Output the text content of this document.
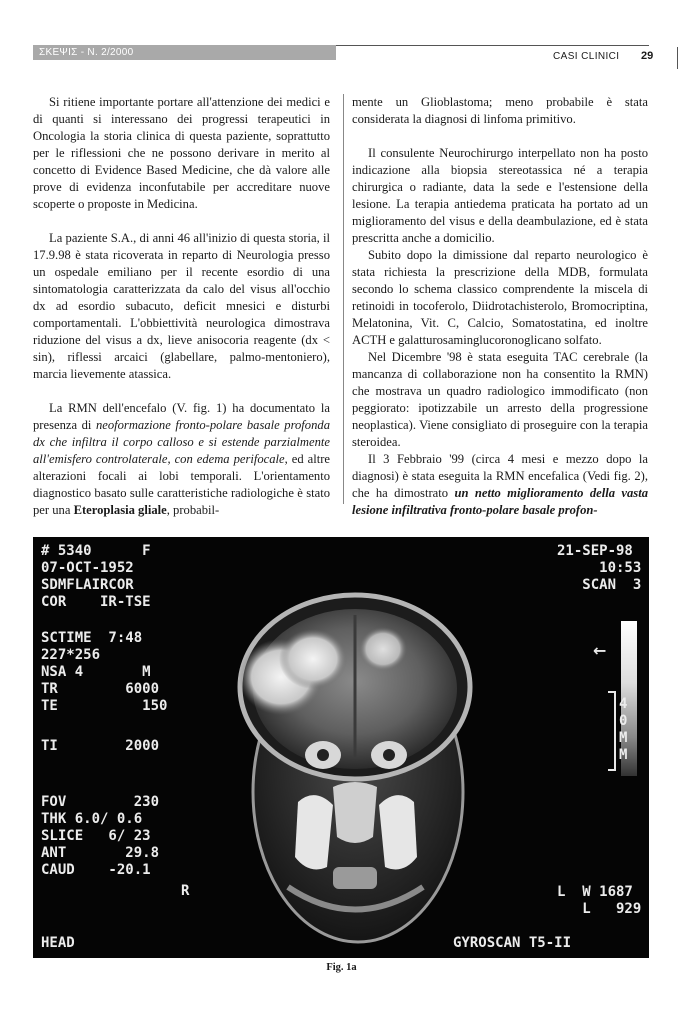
ΣΚΕΨΙΣ - N. 2/2000	CASI CLINICI 29

Si ritiene importante portare all'attenzione dei medici e di quanti si interessano dei progressi terapeutici in Oncologia la storia clinica di questa paziente, soprattutto per le riflessioni che ne possono derivare in merito al concetto di Evidence Based Medicine, che dà valore alle prove di evidenza inconfutabile per accreditare nuove scoperte o proposte in Medicina.

La paziente S.A., di anni 46 all'inizio di questa storia, il 17.9.98 è stata ricoverata in reparto di Neurologia presso un ospedale emiliano per il recente esordio di una sintomatologia caratterizzata da calo del visus all'occhio dx ad esordio subacuto, deficit mnesici e disturbi comportamentali. L'obbiettività neurologica dimostrava riduzione del visus a dx, lieve anisocoria reagente (dx < sin), riflessi arcaici (glabellare, palmo-mentoniero), marcia lievemente atassica.

La RMN dell'encefalo (V. fig. 1) ha documentato la presenza di neoformazione fronto-polare basale profonda dx che infiltra il corpo calloso e si estende parzialmente all'emisfero controlaterale, con edema perifocale, ed altre alterazioni focali ai lobi temporali. L'orientamento diagnostico basato sulle caratteristiche radiologiche è stato per una Eteroplasia gliale, probabil-

mente un Glioblastoma; meno probabile è stata considerata la diagnosi di linfoma primitivo.

Il consulente Neurochirurgo interpellato non ha posto indicazione alla biopsia stereotassica né a terapia chirurgica o radiante, data la sede e l'estensione della lesione. La terapia antiedema praticata ha portato ad un miglioramento del visus e della deambulazione, ed è stata prescritta anche a domicilio.

Subito dopo la dimissione dal reparto neurologico è stata richiesta la prescrizione della MDB, formulata secondo lo schema classico comprendente la miscela di retinoidi in tocoferolo, Diidrotachisterolo, Bromocriptina, Melatonina, Vit. C, Calcio, Somatostatina, ed inoltre ACTH e galatturosaminglucoronoglicano solfato.

Nel Dicembre '98 è stata eseguita TAC cerebrale (la mancanza di collaborazione non ha consentito la RMN) che mostrava un quadro radiologico immodificato (non peggiorato: ipotizzabile un arresto della progressione neoplastica). Viene consigliato di proseguire con la terapia steroidea.

Il 3 Febbraio '99 (circa 4 mesi e mezzo dopo la diagnosi) è stata eseguita la RMN encefalica (Vedi fig. 2), che ha dimostrato un netto miglioramento della vasta lesione infiltrativa fronto-polare basale profon-

# 5340      F
07-OCT-1952
SDMFLAIRCOR
COR    IR-TSE
SCTIME  7:48
227*256
NSA 4       M
TR        6000
TE          150
TI        2000
FOV        230
THK 6.0/ 0.6
SLICE   6/ 23
ANT       29.8
CAUD    -20.1
R
HEAD
21-SEP-98
10:53
SCAN  3
←
4
0
M
M
L  W 1687
L   929
GYROSCAN T5-II
Fig. 1a
